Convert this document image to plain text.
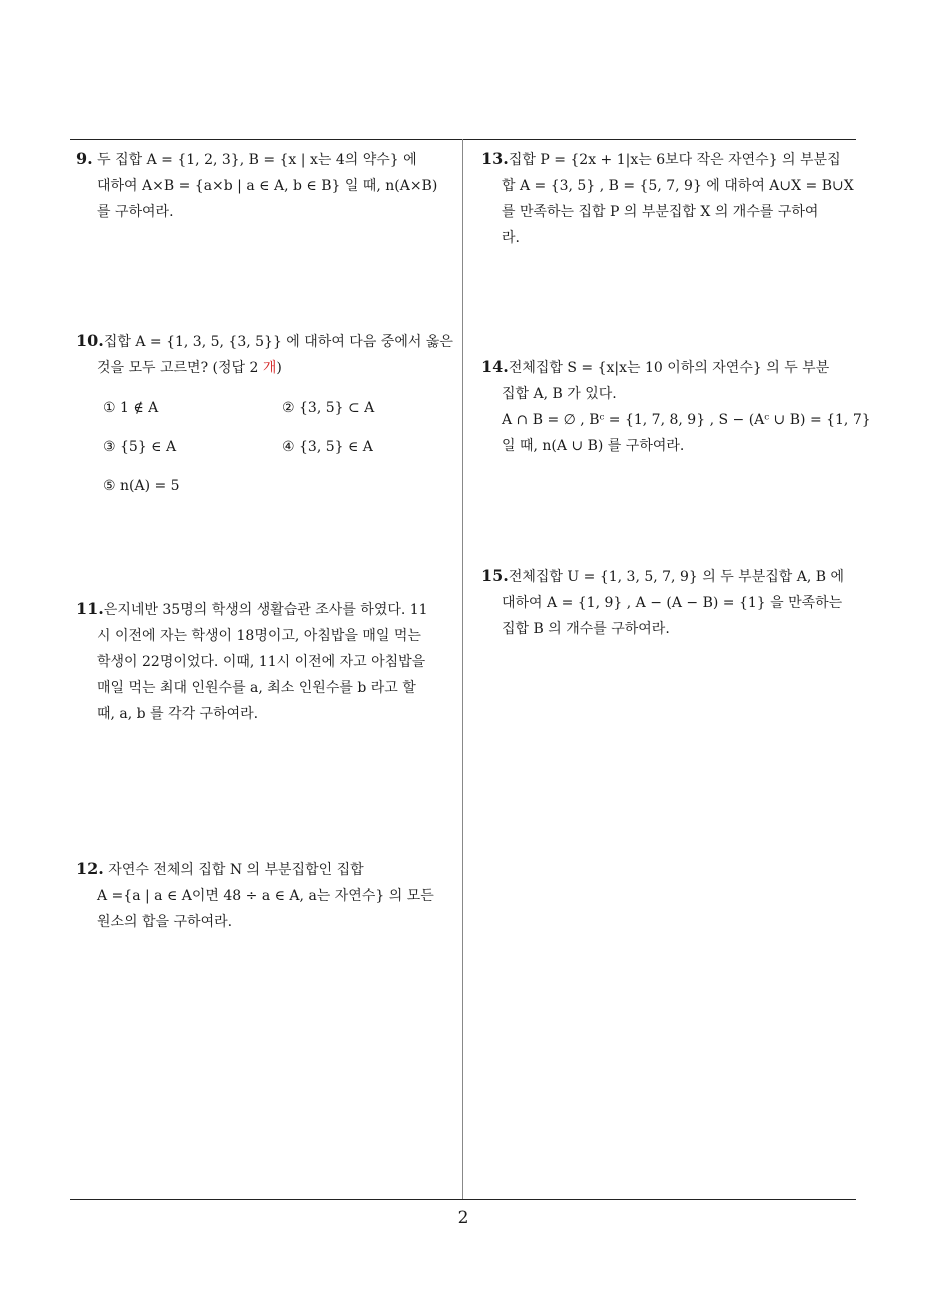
9. 두 집합 A = {1, 2, 3}, B = {x | x는 4의 약수} 에
대하여 A×B = {a×b | a ∈ A, b ∈ B} 일 때, n(A×B)
를 구하여라.
10.집합 A = {1, 3, 5, {3, 5}} 에 대하여 다음 중에서 옳은
것을 모두 고르면? (정답 2 개)
① 1 ∉ A	② {3, 5} ⊂ A
③ {5} ∈ A	④ {3, 5} ∈ A
⑤ n(A) = 5
11.은지네반 35명의 학생의 생활습관 조사를 하였다. 11
시 이전에 자는 학생이 18명이고, 아침밥을 매일 먹는
학생이 22명이었다. 이때, 11시 이전에 자고 아침밥을
매일 먹는 최대 인원수를 a, 최소 인원수를 b 라고 할
때, a, b 를 각각 구하여라.
12. 자연수 전체의 집합 N 의 부분집합인 집합
A ={a | a ∈ A이면 48 ÷ a ∈ A, a는 자연수} 의 모든
원소의 합을 구하여라.
13.집합 P = {2x + 1|x는 6보다 작은 자연수} 의 부분집
합 A = {3, 5} , B = {5, 7, 9} 에 대하여 A∪X = B∪X
를 만족하는 집합 P 의 부분집합 X 의 개수를 구하여
라.
14.전체집합 S = {x|x는 10 이하의 자연수} 의 두 부분
집합 A, B 가 있다.
A ∩ B = ∅ , Bᶜ = {1, 7, 8, 9} , S − (Aᶜ ∪ B) = {1, 7}
일 때, n(A ∪ B) 를 구하여라.
15.전체집합 U = {1, 3, 5, 7, 9} 의 두 부분집합 A, B 에
대하여 A = {1, 9} , A − (A − B) = {1} 을 만족하는
집합 B 의 개수를 구하여라.
2
